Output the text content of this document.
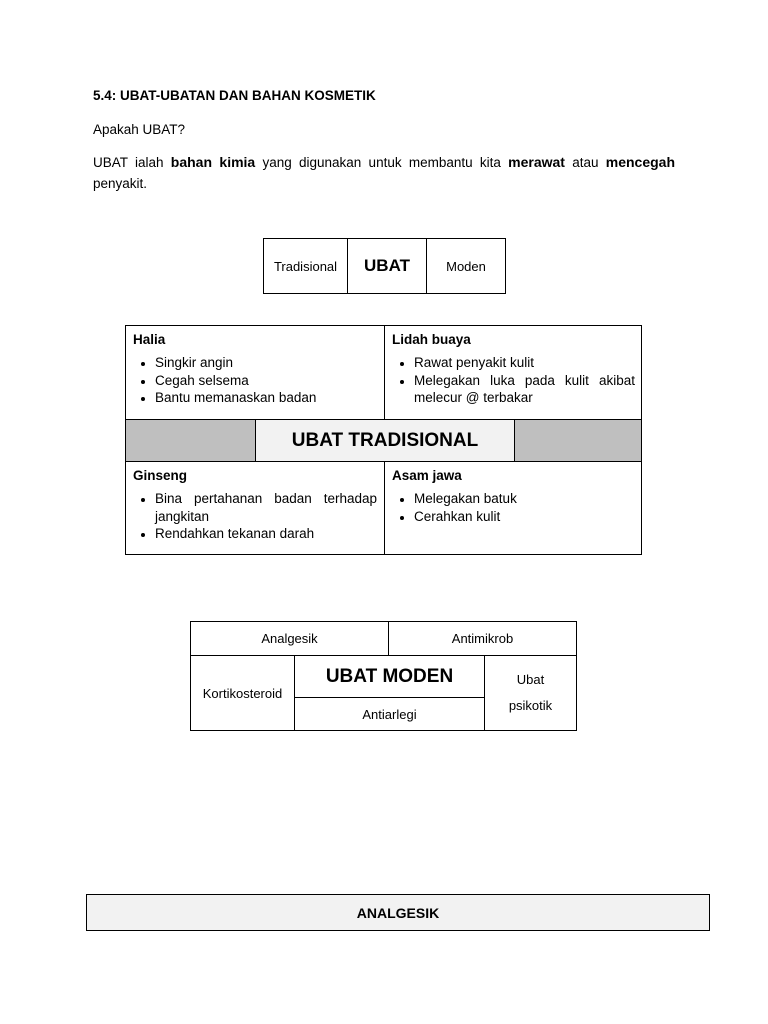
5.4: UBAT-UBATAN DAN BAHAN KOSMETIK
Apakah UBAT?
UBAT ialah bahan kimia yang digunakan untuk membantu kita merawat atau mencegah penyakit.
Tradisional	UBAT	Moden
Halia
• Singkir angin
• Cegah selsema
• Bantu memanaskan badan
Lidah buaya
• Rawat penyakit kulit
• Melegakan luka pada kulit akibat melecur @ terbakar
UBAT TRADISIONAL
Ginseng
• Bina pertahanan badan terhadap jangkitan
• Rendahkan tekanan darah
Asam jawa
• Melegakan batuk
• Cerahkan kulit
Analgesik	Antimikrob
Kortikosteroid
UBAT MODEN
Antiarlegi
Ubat
psikotik
ANALGESIK
